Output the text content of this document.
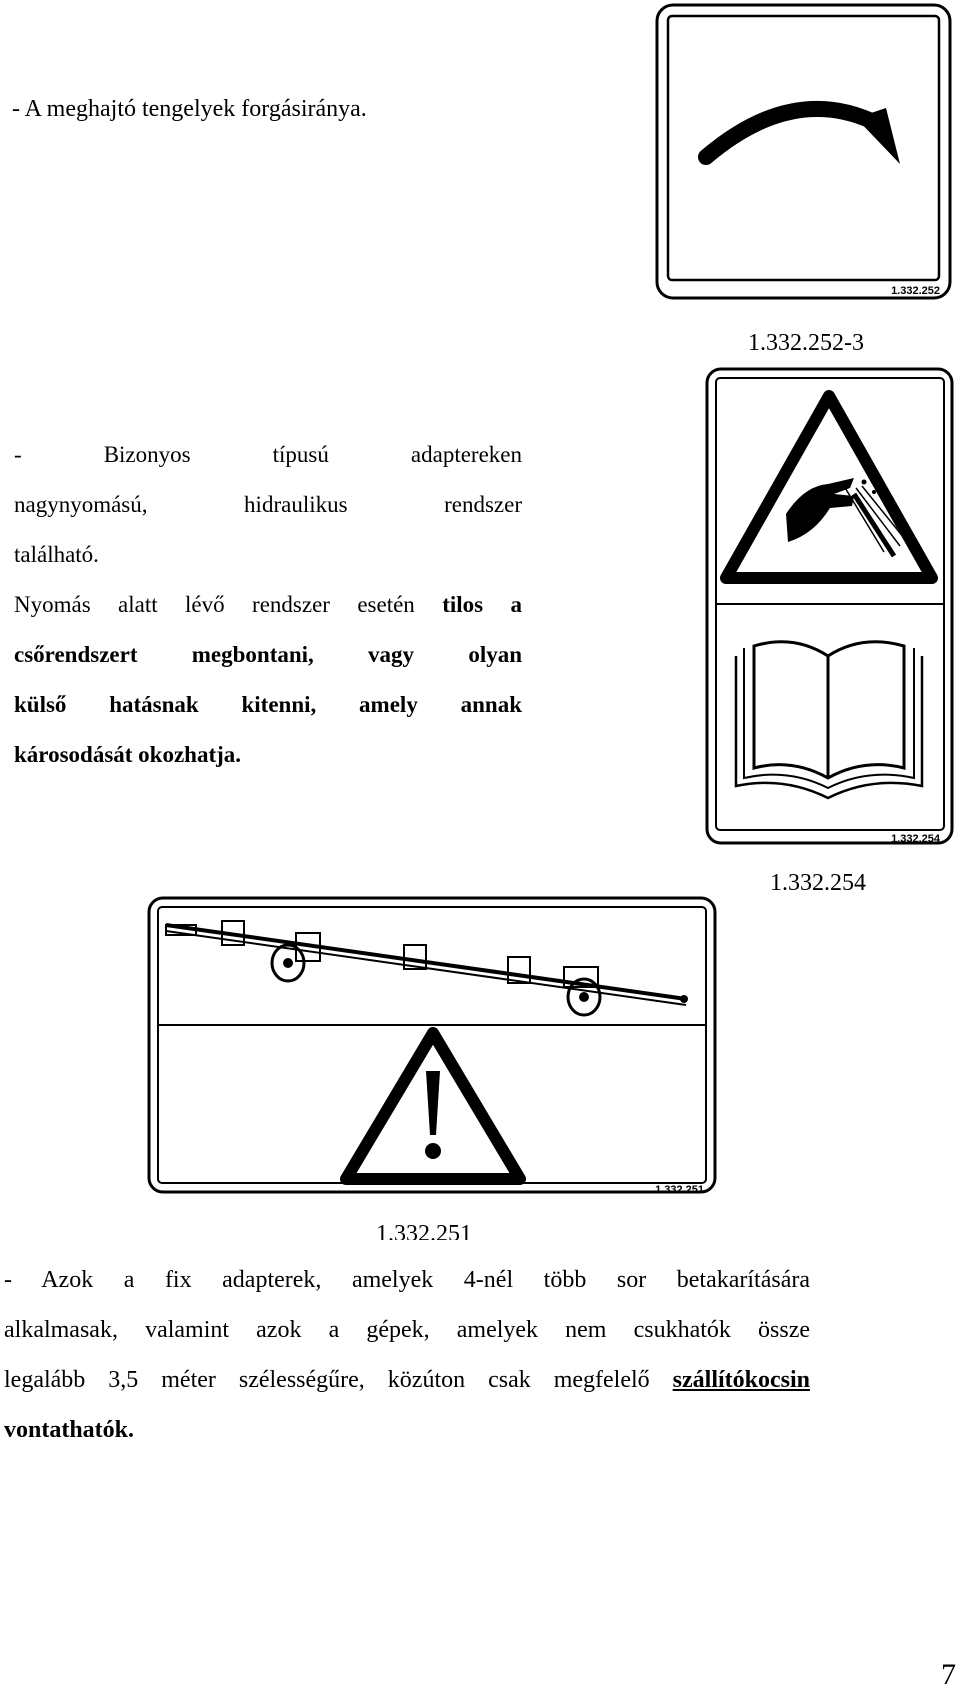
- A meghajtó tengelyek forgásiránya.
1.332.252
1.332.252-3
- Bizonyos típusú adaptereken
nagynyomású, hidraulikus rendszer
található.
Nyomás alatt lévő rendszer esetén tilos a
csőrendszert megbontani, vagy olyan
külső hatásnak kitenni, amely annak
károsodását okozhatja.
1.332.254
1.332.254
1.332.251
1.332.251
- Azok a fix adapterek, amelyek 4-nél több sor betakarítására
alkalmasak, valamint azok a gépek, amelyek nem csukhatók össze
legalább 3,5 méter szélességűre, közúton csak megfelelő szállítókocsin
vontathatók.
7
